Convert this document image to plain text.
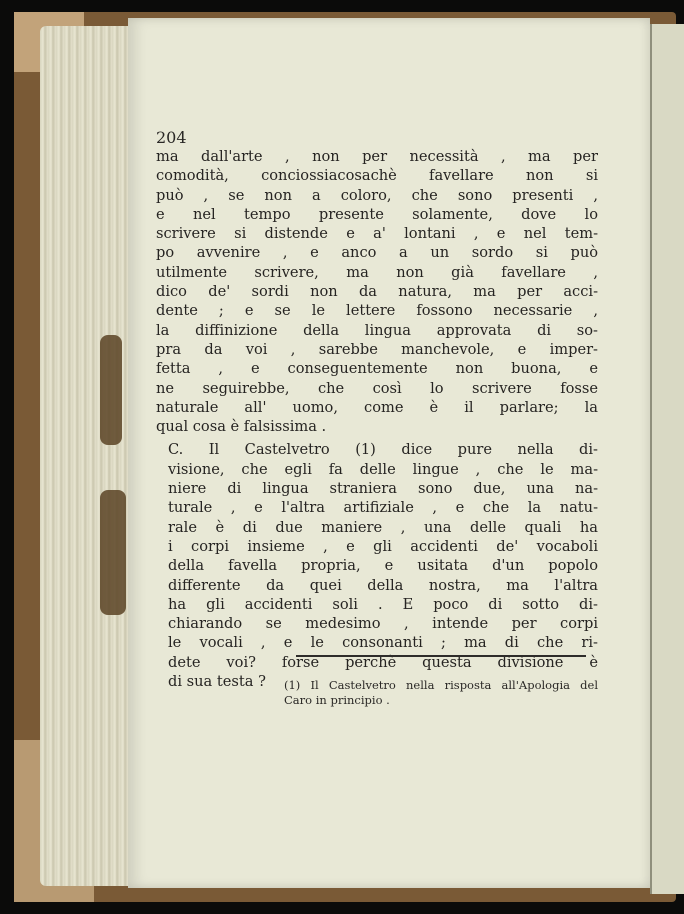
204
ma dall'arte , non per necessità , ma per
comodità, conciossiacosachè favellare non si
può , se non a coloro, che sono presenti ,
e nel tempo presente solamente, dove lo
scrivere si distende e a' lontani , e nel tem-
po avvenire , e anco a un sordo si può
utilmente scrivere, ma non già favellare ,
dico de' sordi non da natura, ma per acci-
dente ; e se le lettere fossono necessarie ,
la diffinizione della lingua approvata di so-
pra da voi , sarebbe manchevole, e imper-
fetta , e conseguentemente non buona, e
ne seguirebbe, che così lo scrivere fosse
naturale all' uomo, come è il parlare; la
qual cosa è falsissima .
C. Il Castelvetro (1) dice pure nella di-
visione, che egli fa delle lingue , che le ma-
niere di lingua straniera sono due, una na-
turale , e l'altra artifiziale , e che la natu-
rale è di due maniere , una delle quali ha
i corpi insieme , e gli accidenti de' vocaboli
della favella propria, e usitata d'un popolo
differente da quei della nostra, ma l'altra
ha gli accidenti soli . E poco di sotto di-
chiarando se medesimo , intende per corpi
le vocali , e le consonanti ; ma di che ri-
dete voi? forse perchè questa divisione è
di sua testa ?	(1) Il Castelvetro nella risposta all'Apologia del
Caro in principio .
